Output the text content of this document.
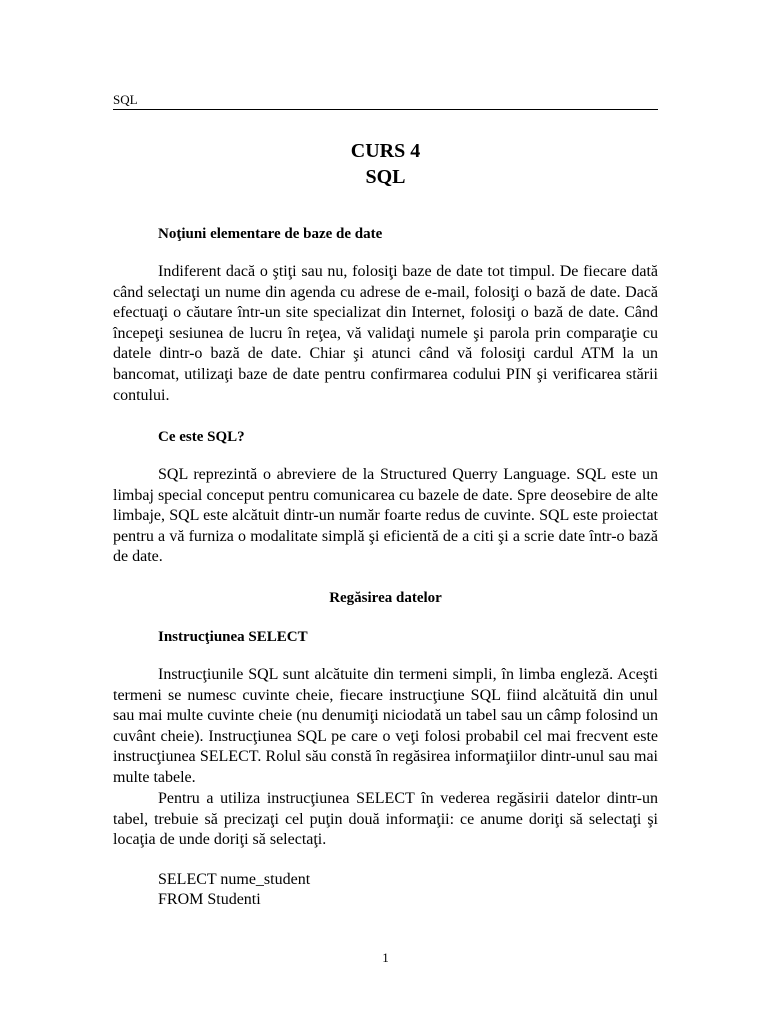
SQL
CURS 4
SQL
Noţiuni elementare de baze de date

Indiferent dacă o ştiţi sau nu, folosiţi baze de date tot timpul. De fiecare dată când selectaţi un nume din agenda cu adrese de e-mail, folosiţi o bază de date. Dacă efectuaţi o căutare într-un site specializat din Internet, folosiţi o bază de date. Când începeţi sesiunea de lucru în reţea, vă validaţi numele şi parola prin comparaţie cu datele dintr-o bază de date. Chiar şi atunci când vă folosiţi cardul ATM la un bancomat, utilizaţi baze de date pentru confirmarea codului PIN şi verificarea stării contului.

Ce este SQL?

SQL reprezintă o abreviere de la Structured Querry Language. SQL este un limbaj special conceput pentru comunicarea cu bazele de date. Spre deosebire de alte limbaje, SQL este alcătuit dintr-un număr foarte redus de cuvinte. SQL este proiectat pentru a vă furniza o modalitate simplă şi eficientă de a citi şi a scrie date într-o bază de date.

Regăsirea datelor
Instrucţiunea SELECT

Instrucţiunile SQL sunt alcătuite din termeni simpli, în limba engleză. Aceşti termeni se numesc cuvinte cheie, fiecare instrucţiune SQL fiind alcătuită din unul sau mai multe cuvinte cheie (nu denumiţi niciodată un tabel sau un câmp folosind un cuvânt cheie). Instrucţiunea SQL pe care o veţi folosi probabil cel mai frecvent este instrucţiunea SELECT. Rolul său constă în regăsirea informaţiilor dintr-unul sau mai multe tabele.

Pentru a utiliza instrucţiunea SELECT în vederea regăsirii datelor dintr-un tabel, trebuie să precizaţi cel puţin două informaţii: ce anume doriţi să selectaţi şi locaţia de unde doriţi să selectaţi.

SELECT nume_student
FROM Studenti
1
